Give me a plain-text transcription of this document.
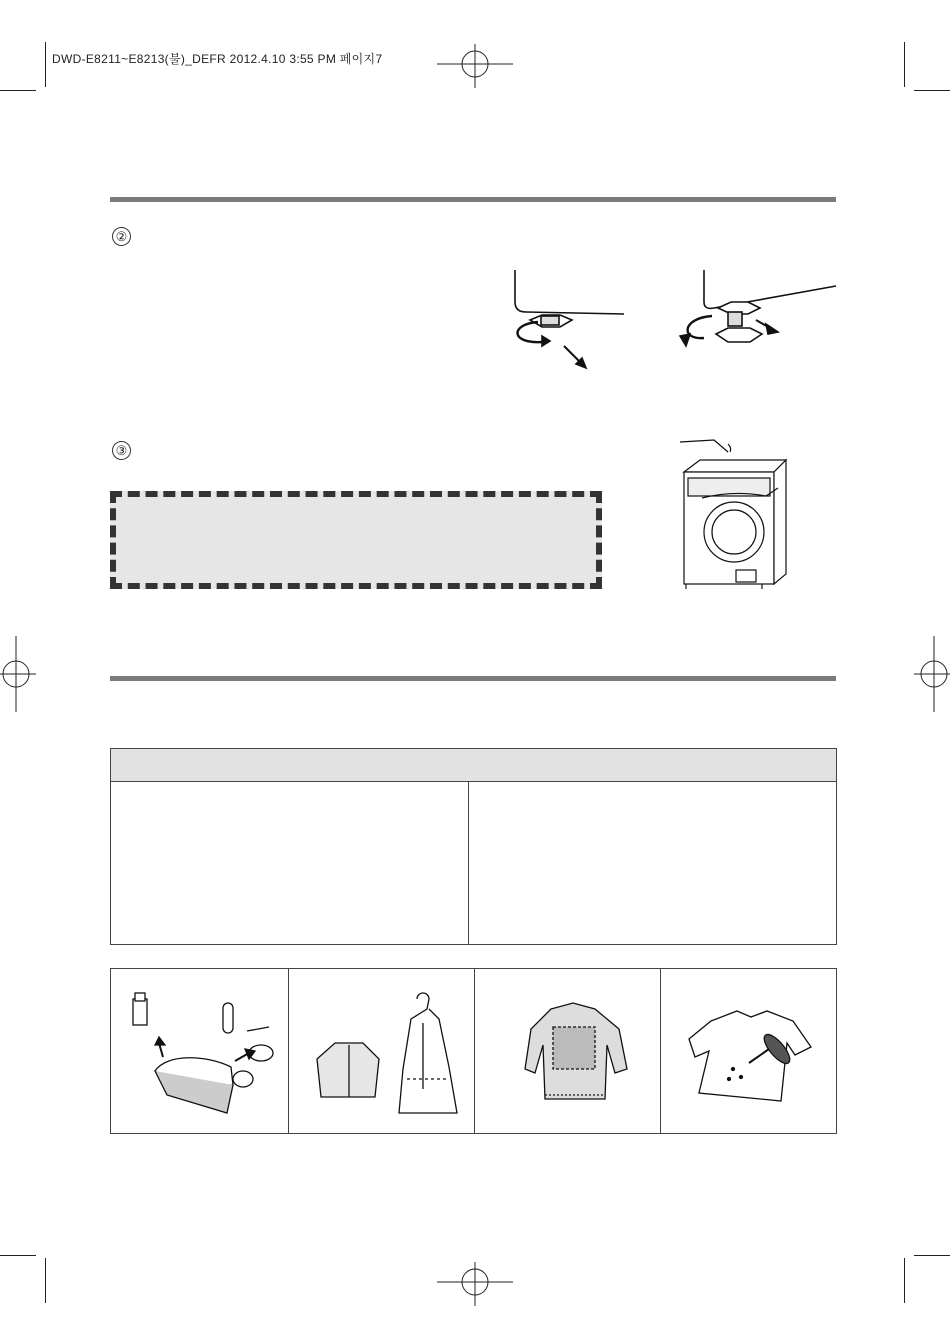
DWD-E8211~E8213(불)_DEFR 2012.4.10 3:55 PM 페이지7
②
③
